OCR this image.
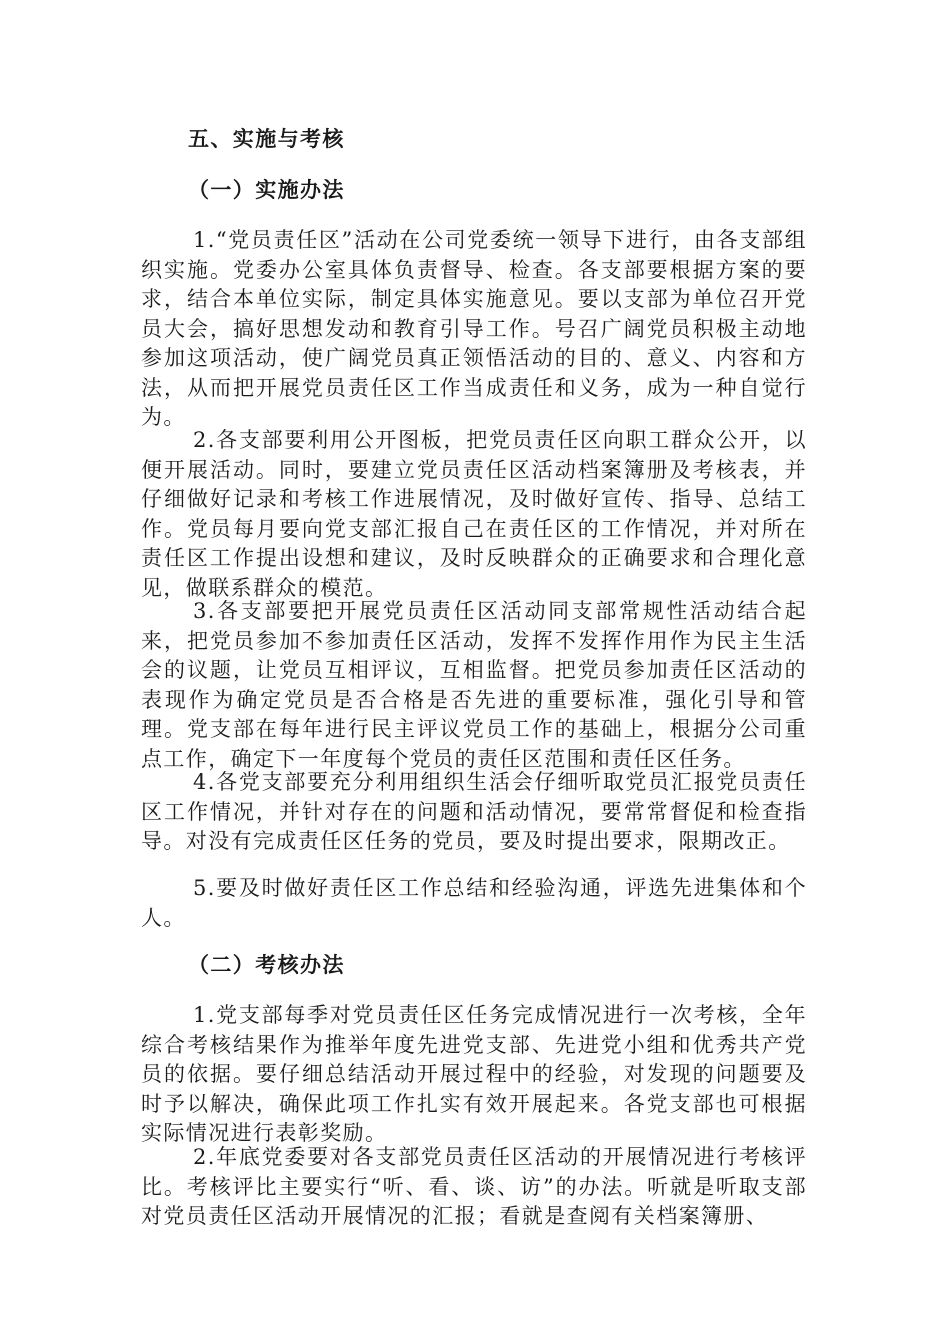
五、实施与考核
（一）实施办法

1.“党员责任区”活动在公司党委统一领导下进行，由各支部组织实施。党委办公室具体负责督导、检查。各支部要根据方案的要求，结合本单位实际，制定具体实施意见。要以支部为单位召开党员大会，搞好思想发动和教育引导工作。号召广阔党员积极主动地参加这项活动，使广阔党员真正领悟活动的目的、意义、内容和方法，从而把开展党员责任区工作当成责任和义务，成为一种自觉行为。

2.各支部要利用公开图板，把党员责任区向职工群众公开，以便开展活动。同时，要建立党员责任区活动档案簿册及考核表，并仔细做好记录和考核工作进展情况，及时做好宣传、指导、总结工作。党员每月要向党支部汇报自己在责任区的工作情况，并对所在责任区工作提出设想和建议，及时反映群众的正确要求和合理化意见，做联系群众的模范。

3.各支部要把开展党员责任区活动同支部常规性活动结合起来，把党员参加不参加责任区活动，发挥不发挥作用作为民主生活会的议题，让党员互相评议，互相监督。把党员参加责任区活动的表现作为确定党员是否合格是否先进的重要标准，强化引导和管理。党支部在每年进行民主评议党员工作的基础上，根据分公司重点工作，确定下一年度每个党员的责任区范围和责任区任务。

4.各党支部要充分利用组织生活会仔细听取党员汇报党员责任区工作情况，并针对存在的问题和活动情况，要常常督促和检查指导。对没有完成责任区任务的党员，要及时提出要求，限期改正。

5.要及时做好责任区工作总结和经验沟通，评选先进集体和个人。

（二）考核办法

1.党支部每季对党员责任区任务完成情况进行一次考核，全年综合考核结果作为推举年度先进党支部、先进党小组和优秀共产党员的依据。要仔细总结活动开展过程中的经验，对发现的问题要及时予以解决，确保此项工作扎实有效开展起来。各党支部也可根据实际情况进行表彰奖励。

2.年底党委要对各支部党员责任区活动的开展情况进行考核评比。考核评比主要实行“听、看、谈、访”的办法。听就是听取支部对党员责任区活动开展情况的汇报；看就是查阅有关档案簿册、
